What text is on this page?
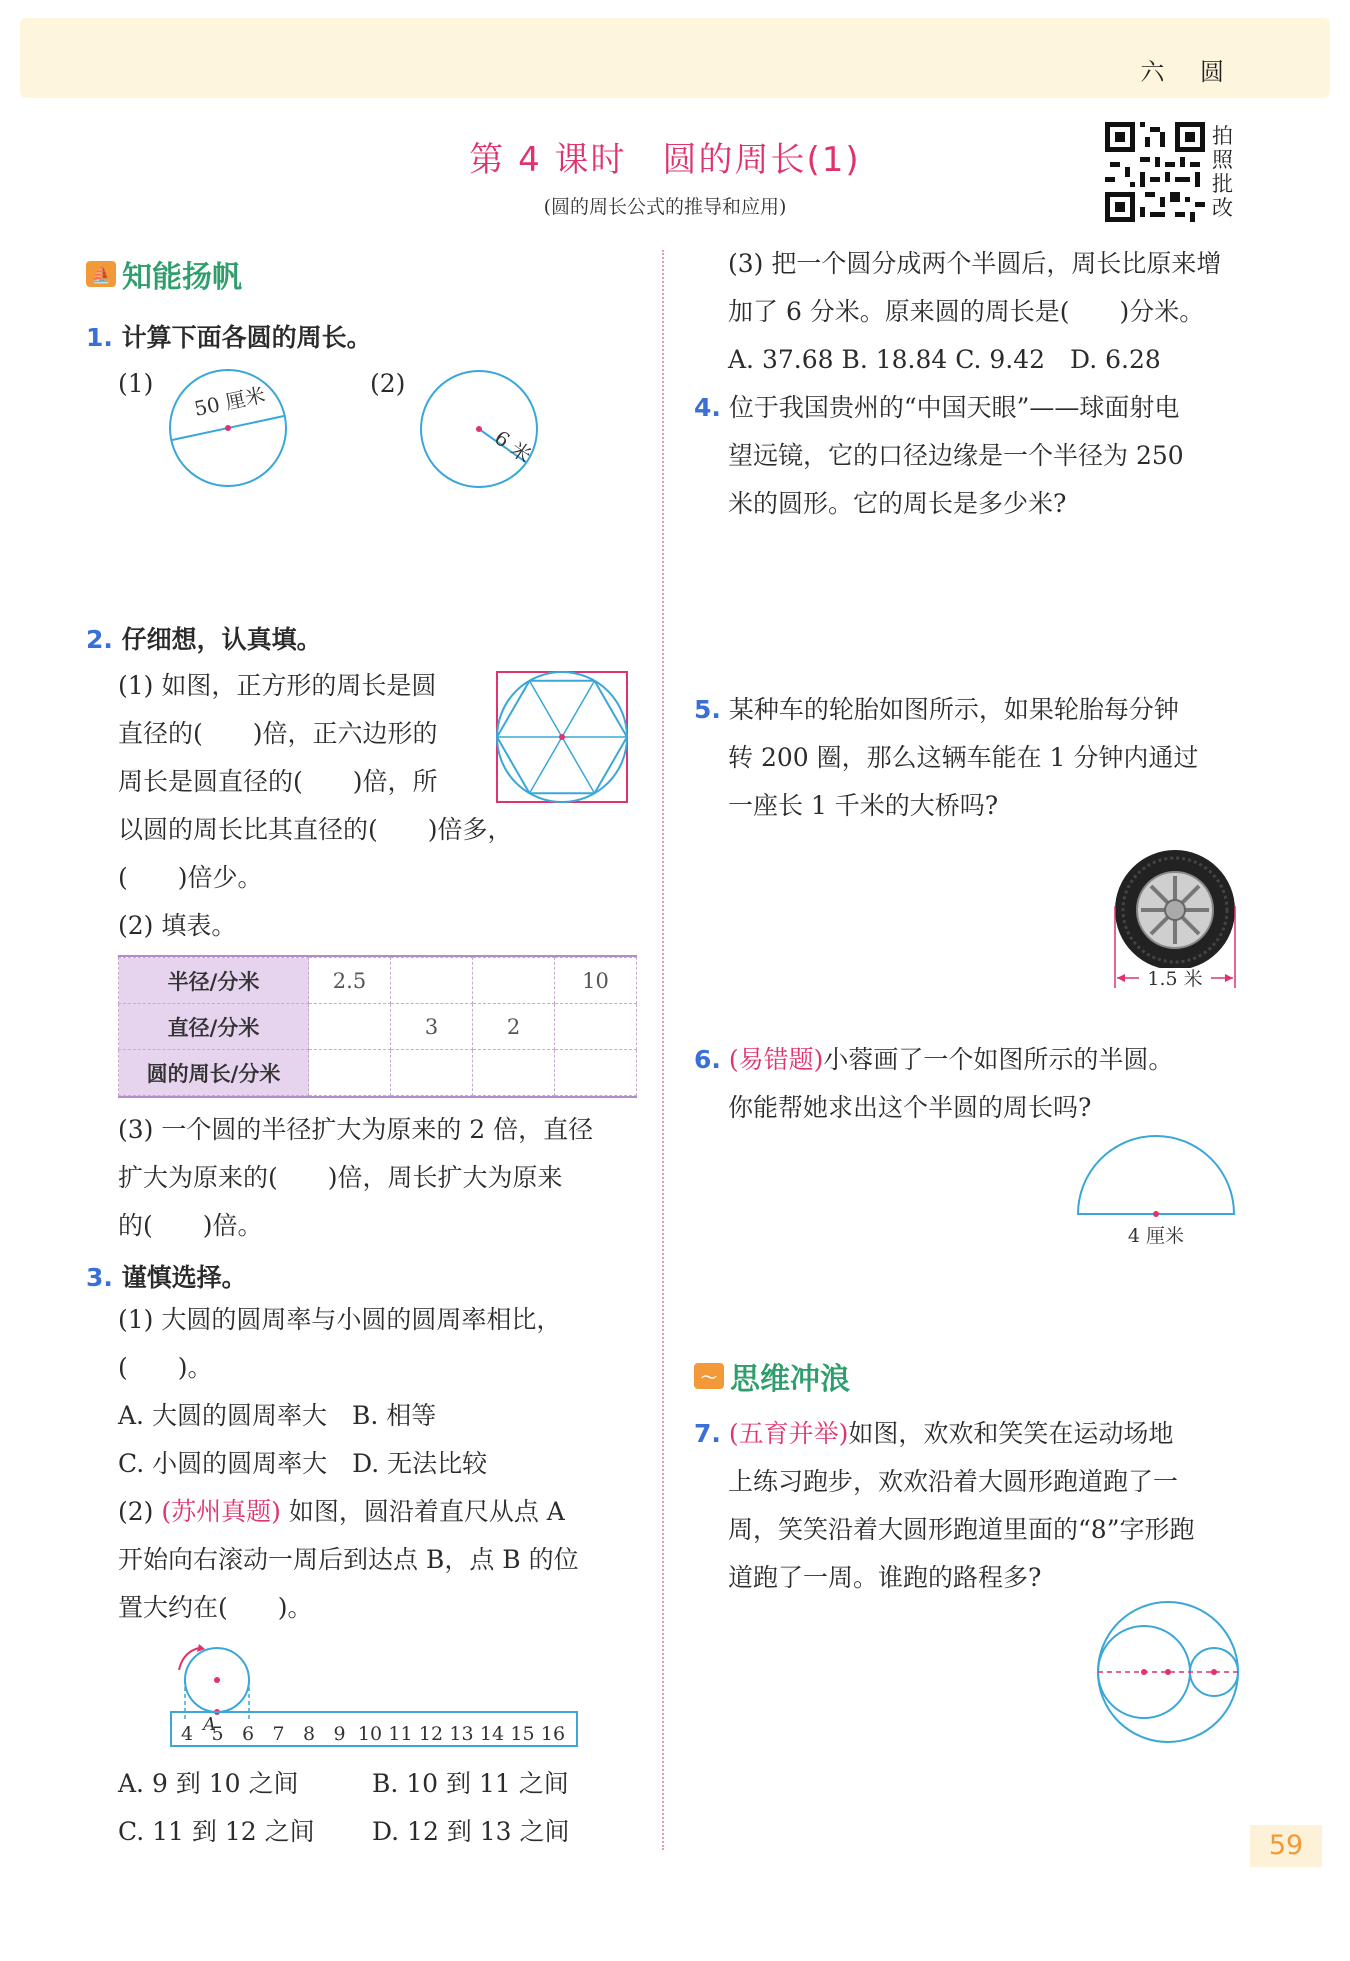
六 圆
第 4 课时　圆的周长(1)
(圆的周长公式的推导和应用)
拍照批改
⛵ 知能扬帆
1. 计算下面各圆的周长。
(1)	(2)
50 厘米
6 米
2. 仔细想，认真填。
(1) 如图，正方形的周长是圆
直径的(　　)倍，正六边形的
周长是圆直径的(　　)倍，所
以圆的周长比其直径的(　　)倍多，
(　　)倍少。
(2) 填表。
半径/分米	2.5			10
直径/分米		3	2	
圆的周长/分米				
(3) 一个圆的半径扩大为原来的 2 倍，直径
扩大为原来的(　　)倍，周长扩大为原来
的(　　)倍。
3. 谨慎选择。
(1) 大圆的圆周率与小圆的圆周率相比，
(　　)。
A. 大圆的圆周率大　B. 相等
C. 小圆的圆周率大　D. 无法比较
(2) (苏州真题) 如图，圆沿着直尺从点 A
开始向右滚动一周后到达点 B，点 B 的位
置大约在(　　)。
4 5 6 7 8 9 10 11 12 13 14 15 16
A
A. 9 到 10 之间	B. 10 到 11 之间
C. 11 到 12 之间 D. 12 到 13 之间
(3) 把一个圆分成两个半圆后，周长比原来增
加了 6 分米。原来圆的周长是(　　)分米。
A. 37.68 B. 18.84 C. 9.42　D. 6.28
4. 位于我国贵州的“中国天眼”——球面射电
望远镜，它的口径边缘是一个半径为 250
米的圆形。它的周长是多少米?
5. 某种车的轮胎如图所示，如果轮胎每分钟
转 200 圈，那么这辆车能在 1 分钟内通过
一座长 1 千米的大桥吗?
1.5 米
6. (易错题)小蓉画了一个如图所示的半圆。
你能帮她求出这个半圆的周长吗?
4 厘米
〜 思维冲浪
7. (五育并举)如图，欢欢和笑笑在运动场地
上练习跑步，欢欢沿着大圆形跑道跑了一
周，笑笑沿着大圆形跑道里面的“8”字形跑
道跑了一周。谁跑的路程多?
59
